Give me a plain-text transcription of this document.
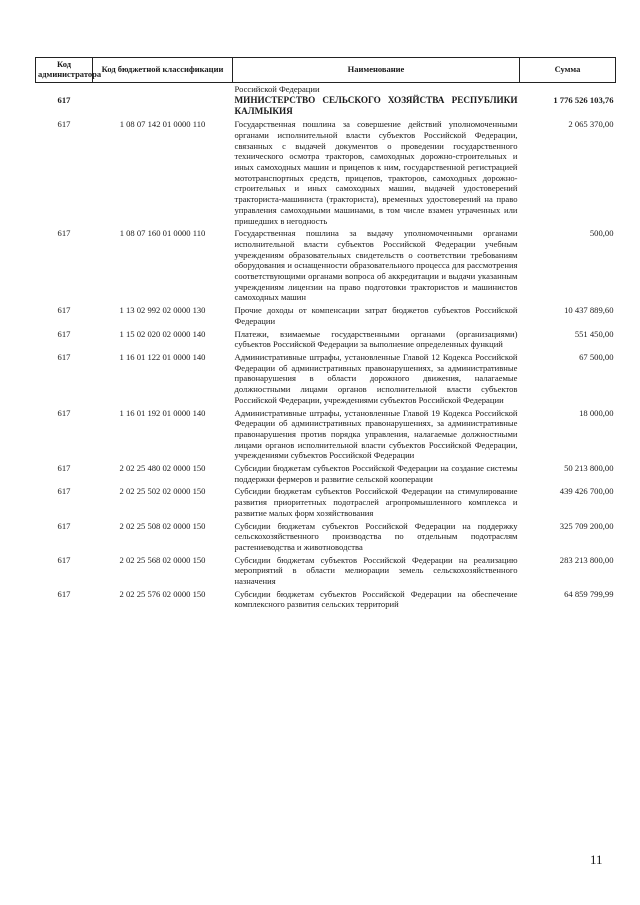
Код администратора	Код бюджетной классификации	Наименование	Сумма
		Российской Федерации	
617		МИНИСТЕРСТВО СЕЛЬСКОГО ХОЗЯЙСТВА РЕСПУБЛИКИ КАЛМЫКИЯ	1 776 526 103,76
617	1 08 07 142 01 0000 110	Государственная пошлина за совершение действий уполномоченными органами исполнительной власти субъектов Российской Федерации, связанных с выдачей документов о проведении государственного технического осмотра тракторов, самоходных дорожно-строительных и иных самоходных машин и прицепов к ним, государственной регистрацией мототранспортных средств, прицепов, тракторов, самоходных дорожно-строительных и иных самоходных машин, выдачей удостоверений тракториста-машиниста (тракториста), временных удостоверений на право управления самоходными машинами, в том числе взамен утраченных или пришедших в негодность	2 065 370,00
617	1 08 07 160 01 0000 110	Государственная пошлина за выдачу уполномоченными органами исполнительной власти субъектов Российской Федерации учебным учреждениям образовательных свидетельств о соответствии требованиям оборудования и оснащенности образовательного процесса для рассмотрения соответствующими органами вопроса об аккредитации и выдачи указанным учреждениям лицензии на право подготовки трактористов и машинистов самоходных машин	500,00
617	1 13 02 992 02 0000 130	Прочие доходы от компенсации затрат бюджетов субъектов Российской Федерации	10 437 889,60
617	1 15 02 020 02 0000 140	Платежи, взимаемые государственными органами (организациями) субъектов Российской Федерации за выполнение определенных функций	551 450,00
617	1 16 01 122 01 0000 140	Административные штрафы, установленные Главой 12 Кодекса Российской Федерации об административных правонарушениях, за административные правонарушения в области дорожного движения, налагаемые должностными лицами органов исполнительной власти субъектов Российской Федерации, учреждениями субъектов Российской Федерации	67 500,00
617	1 16 01 192 01 0000 140	Административные штрафы, установленные Главой 19 Кодекса Российской Федерации об административных правонарушениях, за административные правонарушения против порядка управления, налагаемые должностными лицами органов исполнительной власти субъектов Российской Федерации, учреждениями субъектов Российской Федерации	18 000,00
617	2 02 25 480 02 0000 150	Субсидии бюджетам субъектов Российской Федерации на создание системы поддержки фермеров и развитие сельской кооперации	50 213 800,00
617	2 02 25 502 02 0000 150	Субсидии бюджетам субъектов Российской Федерации на стимулирование развития приоритетных подотраслей агропромышленного комплекса и развитие малых форм хозяйствования	439 426 700,00
617	2 02 25 508 02 0000 150	Субсидии бюджетам субъектов Российской Федерации на поддержку сельскохозяйственного производства по отдельным подотраслям растениеводства и животноводства	325 709 200,00
617	2 02 25 568 02 0000 150	Субсидии бюджетам субъектов Российской Федерации на реализацию мероприятий в области мелиорации земель сельскохозяйственного назначения	283 213 800,00
617	2 02 25 576 02 0000 150	Субсидии бюджетам субъектов Российской Федерации на обеспечение комплексного развития сельских территорий	64 859 799,99
11
